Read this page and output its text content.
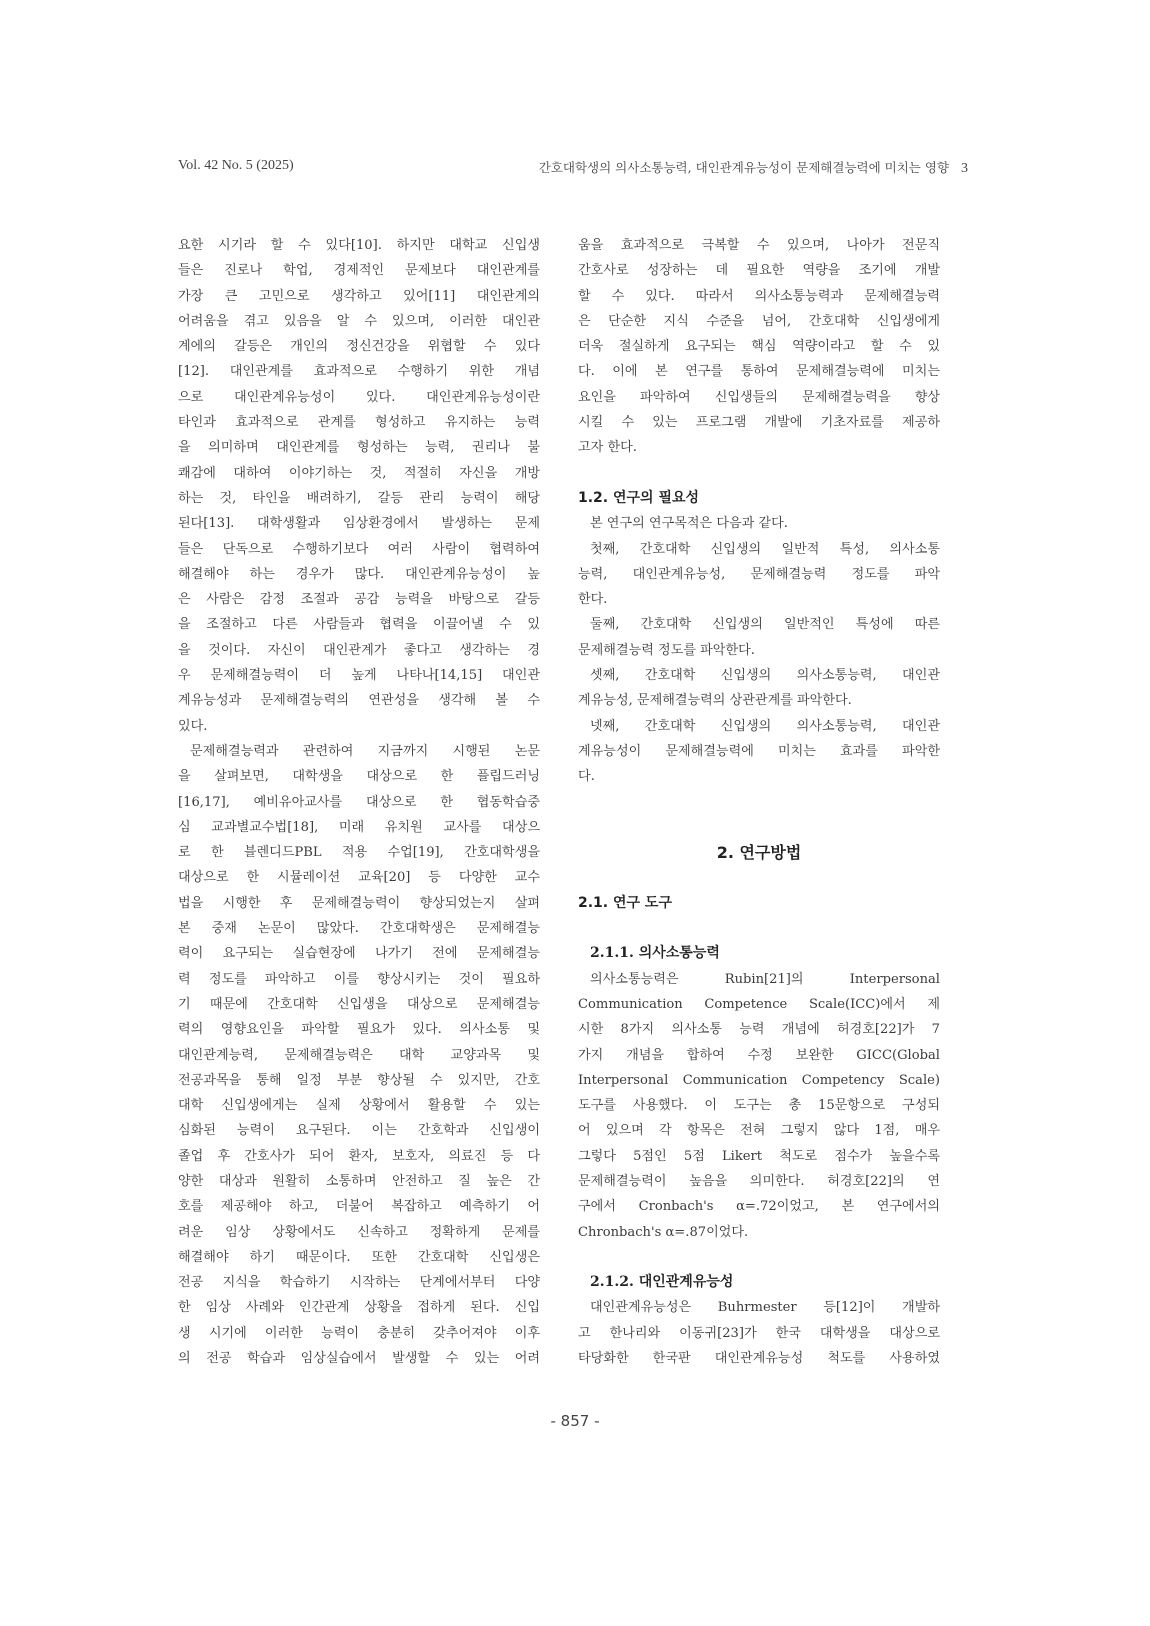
Vol. 42 No. 5 (2025)	간호대학생의 의사소통능력, 대인관계유능성이 문제해결능력에 미치는 영향 3
요한 시기라 할 수 있다[10]. 하지만 대학교 신입생
들은 진로나 학업, 경제적인 문제보다 대인관계를
가장 큰 고민으로 생각하고 있어[11] 대인관계의
어려움을 겪고 있음을 알 수 있으며, 이러한 대인관
계에의 갈등은 개인의 정신건강을 위협할 수 있다
[12]. 대인관계를 효과적으로 수행하기 위한 개념
으로 대인관계유능성이 있다. 대인관계유능성이란
타인과 효과적으로 관계를 형성하고 유지하는 능력
을 의미하며 대인관계를 형성하는 능력, 권리나 불
쾌감에 대하여 이야기하는 것, 적절히 자신을 개방
하는 것, 타인을 배려하기, 갈등 관리 능력이 해당
된다[13]. 대학생활과 임상환경에서 발생하는 문제
들은 단독으로 수행하기보다 여러 사람이 협력하여
해결해야 하는 경우가 많다. 대인관계유능성이 높
은 사람은 감정 조절과 공감 능력을 바탕으로 갈등
을 조절하고 다른 사람들과 협력을 이끌어낼 수 있
을 것이다. 자신이 대인관계가 좋다고 생각하는 경
우 문제해결능력이 더 높게 나타나[14,15] 대인관
계유능성과 문제해결능력의 연관성을 생각해 볼 수
있다.
문제해결능력과 관련하여 지금까지 시행된 논문
을 살펴보면, 대학생을 대상으로 한 플립드러닝
[16,17], 예비유아교사를 대상으로 한 협동학습중
심 교과별교수법[18], 미래 유치원 교사를 대상으
로 한 블렌디드PBL 적용 수업[19], 간호대학생을
대상으로 한 시뮬레이션 교육[20] 등 다양한 교수
법을 시행한 후 문제해결능력이 향상되었는지 살펴
본 중재 논문이 많았다. 간호대학생은 문제해결능
력이 요구되는 실습현장에 나가기 전에 문제해결능
력 정도를 파악하고 이를 향상시키는 것이 필요하
기 때문에 간호대학 신입생을 대상으로 문제해결능
력의 영향요인을 파악할 필요가 있다. 의사소통 및
대인관계능력, 문제해결능력은 대학 교양과목 및
전공과목을 통해 일정 부분 향상될 수 있지만, 간호
대학 신입생에게는 실제 상황에서 활용할 수 있는
심화된 능력이 요구된다. 이는 간호학과 신입생이
졸업 후 간호사가 되어 환자, 보호자, 의료진 등 다
양한 대상과 원활히 소통하며 안전하고 질 높은 간
호를 제공해야 하고, 더불어 복잡하고 예측하기 어
려운 임상 상황에서도 신속하고 정확하게 문제를
해결해야 하기 때문이다. 또한 간호대학 신입생은
전공 지식을 학습하기 시작하는 단계에서부터 다양
한 임상 사례와 인간관계 상황을 접하게 된다. 신입
생 시기에 이러한 능력이 충분히 갖추어져야 이후
의 전공 학습과 임상실습에서 발생할 수 있는 어려
움을 효과적으로 극복할 수 있으며, 나아가 전문직
간호사로 성장하는 데 필요한 역량을 조기에 개발
할 수 있다. 따라서 의사소통능력과 문제해결능력
은 단순한 지식 수준을 넘어, 간호대학 신입생에게
더욱 절실하게 요구되는 핵심 역량이라고 할 수 있
다. 이에 본 연구를 통하여 문제해결능력에 미치는
요인을 파악하여 신입생들의 문제해결능력을 향상
시킬 수 있는 프로그램 개발에 기초자료를 제공하
고자 한다.
1.2. 연구의 필요성
본 연구의 연구목적은 다음과 같다.
첫째, 간호대학 신입생의 일반적 특성, 의사소통
능력, 대인관계유능성, 문제해결능력 정도를 파악
한다.
둘째, 간호대학 신입생의 일반적인 특성에 따른
문제해결능력 정도를 파악한다.
셋째, 간호대학 신입생의 의사소통능력, 대인관
계유능성, 문제해결능력의 상관관계를 파악한다.
넷째, 간호대학 신입생의 의사소통능력, 대인관
계유능성이 문제해결능력에 미치는 효과를 파악한
다.
2. 연구방법
2.1. 연구 도구
2.1.1. 의사소통능력
의사소통능력은 Rubin[21]의 Interpersonal
Communication Competence Scale(ICC)에서 제
시한 8가지 의사소통 능력 개념에 허경호[22]가 7
가지 개념을 합하여 수정 보완한 GICC(Global
Interpersonal Communication Competency Scale)
도구를 사용했다. 이 도구는 총 15문항으로 구성되
어 있으며 각 항목은 전혀 그렇지 않다 1점, 매우
그렇다 5점인 5점 Likert 척도로 점수가 높을수록
문제해결능력이 높음을 의미한다. 허경호[22]의 연
구에서 Cronbach's α=.72이었고, 본 연구에서의
Chronbach's α=.87이었다.
2.1.2. 대인관계유능성
대인관계유능성은 Buhrmester 등[12]이 개발하
고 한나리와 이동귀[23]가 한국 대학생을 대상으로
타당화한 한국판 대인관계유능성 척도를 사용하였
- 857 -
